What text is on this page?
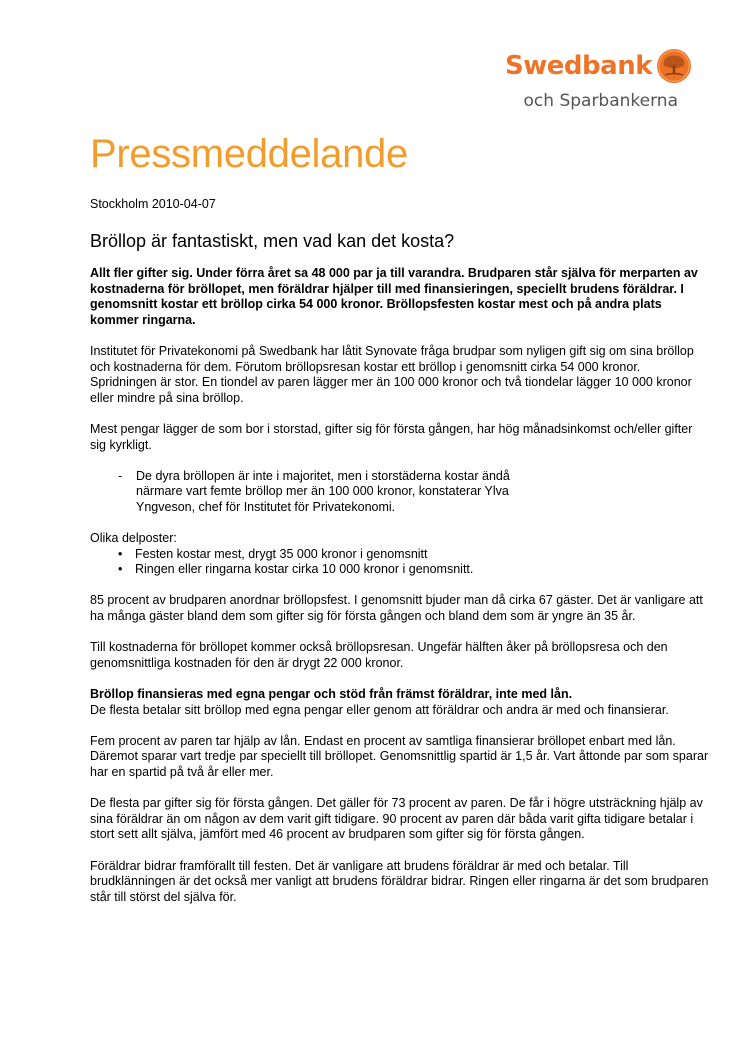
Swedbank
och Sparbankerna
Pressmeddelande

Stockholm 2010-04-07

Bröllop är fantastiskt, men vad kan det kosta?

Allt fler gifter sig. Under förra året sa 48 000 par ja till varandra. Brudparen står själva för merparten av kostnaderna för bröllopet, men föräldrar hjälper till med finansieringen, speciellt brudens föräldrar. I genomsnitt kostar ett bröllop cirka 54 000 kronor. Bröllopsfesten kostar mest och på andra plats kommer ringarna.

Institutet för Privatekonomi på Swedbank har låtit Synovate fråga brudpar som nyligen gift sig om sina bröllop och kostnaderna för dem. Förutom bröllopsresan kostar ett bröllop i genomsnitt cirka 54 000 kronor. Spridningen är stor. En tiondel av paren lägger mer än 100 000 kronor och två tiondelar lägger 10 000 kronor eller mindre på sina bröllop.

Mest pengar lägger de som bor i storstad, gifter sig för första gången, har hög månadsinkomst och/eller gifter sig kyrkligt.

-	De dyra bröllopen är inte i majoritet, men i storstäderna kostar ändå närmare vart femte bröllop mer än 100 000 kronor, konstaterar Ylva Yngveson, chef för Institutet för Privatekonomi.

Olika delposter:

•	Festen kostar mest, drygt 35 000 kronor i genomsnitt
•	Ringen eller ringarna kostar cirka 10 000 kronor i genomsnitt.

85 procent av brudparen anordnar bröllopsfest. I genomsnitt bjuder man då cirka 67 gäster. Det är vanligare att ha många gäster bland dem som gifter sig för första gången och bland dem som är yngre än 35 år.

Till kostnaderna för bröllopet kommer också bröllopsresan. Ungefär hälften åker på bröllopsresa och den genomsnittliga kostnaden för den är drygt 22 000 kronor.

Bröllop finansieras med egna pengar och stöd från främst föräldrar, inte med lån.

De flesta betalar sitt bröllop med egna pengar eller genom att föräldrar och andra är med och finansierar.

Fem procent av paren tar hjälp av lån. Endast en procent av samtliga finansierar bröllopet enbart med lån. Däremot sparar vart tredje par speciellt till bröllopet. Genomsnittlig spartid är 1,5 år. Vart åttonde par som sparar har en spartid på två år eller mer.

De flesta par gifter sig för första gången. Det gäller för 73 procent av paren. De får i högre utsträckning hjälp av sina föräldrar än om någon av dem varit gift tidigare. 90 procent av paren där båda varit gifta tidigare betalar i stort sett allt själva, jämfört med 46 procent av brudparen som gifter sig för första gången.

Föräldrar bidrar framförallt till festen. Det är vanligare att brudens föräldrar är med och betalar. Till brudklänningen är det också mer vanligt att brudens föräldrar bidrar. Ringen eller ringarna är det som brudparen står till störst del själva för.
